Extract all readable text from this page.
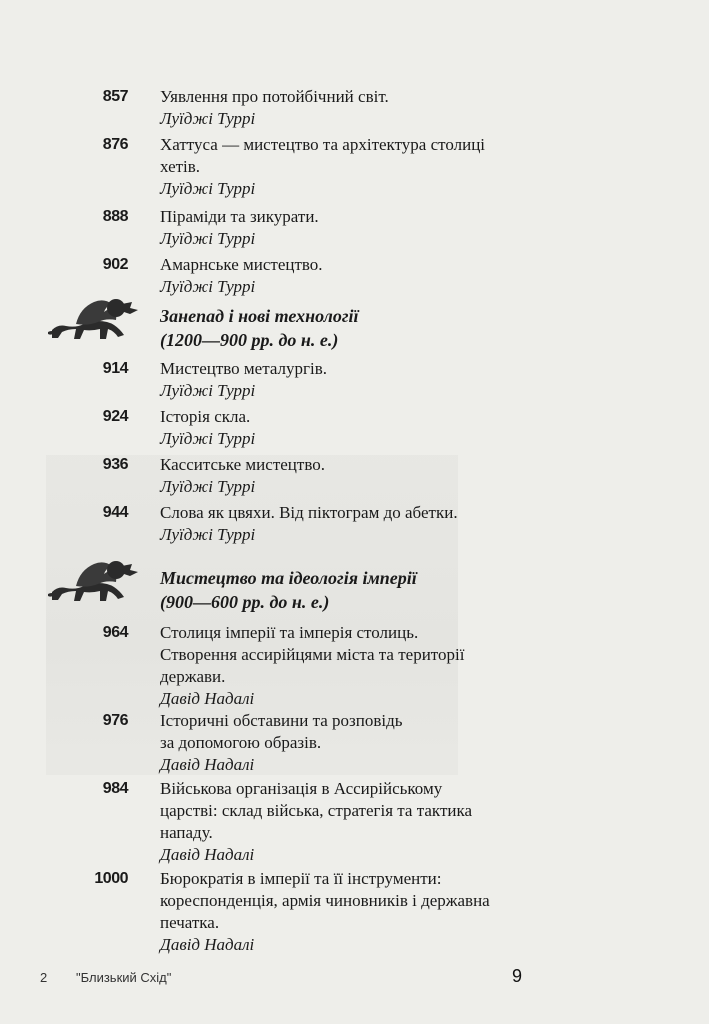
857 Уявлення про потойбічний світ.
Луїджі Туррі
876 Хаттуса — мистецтво та архітектура столиці
хетів.
Луїджі Туррі
888 Піраміди та зикурати.
Луїджі Туррі
902 Амарнське мистецтво.
Луїджі Туррі
Занепад і нові технології
(1200—900 рр. до н. е.)
914 Мистецтво металургів.
Луїджі Туррі
924 Історія скла.
Луїджі Туррі
936 Касситське мистецтво.
Луїджі Туррі
944 Слова як цвяхи. Від піктограм до абетки.
Луїджі Туррі
Мистецтво та ідеологія імперії
(900—600 рр. до н. е.)
964 Столиця імперії та імперія столиць.
Створення ассирійцями міста та території
держави.
Давід Надалі
976 Історичні обставини та розповідь
за допомогою образів.
Давід Надалі
984 Військова організація в Ассирійському
царстві: склад війська, стратегія та тактика
нападу.
Давід Надалі
1000 Бюрократія в імперії та її інструменти:
кореспонденція, армія чиновників і державна
печатка.
Давід Надалі
2 "Близький Схід"	9
